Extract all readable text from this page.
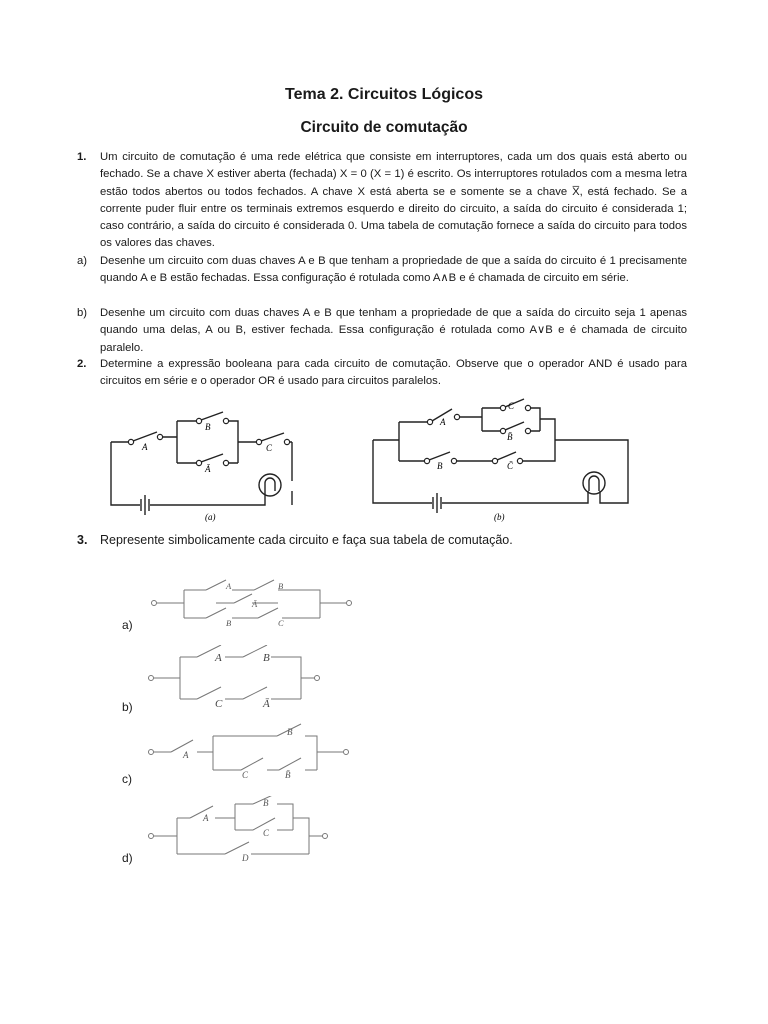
Tema 2. Circuitos Lógicos
Circuito de comutação
1.	Um circuito de comutação é uma rede elétrica que consiste em interruptores, cada um dos quais está aberto ou fechado. Se a chave X estiver aberta (fechada) X = 0 (X = 1) é escrito. Os interruptores rotulados com a mesma letra estão todos abertos ou todos fechados. A chave X está aberta se e somente se a chave X̅, está fechado. Se a corrente puder fluir entre os terminais extremos esquerdo e direito do circuito, a saída do circuito é considerada 1; caso contrário, a saída do circuito é considerada 0. Uma tabela de comutação fornece a saída do circuito para todos os valores das chaves.
a)	Desenhe um circuito com duas chaves A e B que tenham a propriedade de que a saída do circuito é 1 precisamente quando A e B estão fechadas. Essa configuração é rotulada como A∧B e é chamada de circuito em série.
b)	Desenhe um circuito com duas chaves A e B que tenham a propriedade de que a saída do circuito seja 1 apenas quando uma delas, A ou B, estiver fechada. Essa configuração é rotulada como A∨B e é chamada de circuito paralelo.
2.	Determine a expressão booleana para cada circuito de comutação. Observe que o operador AND é usado para circuitos em série e o operador OR é usado para circuitos paralelos.
A
B
Ā
C
(a)
A
C
B̄
B	C̄
(b)
3. Represente simbolicamente cada circuito e faça sua tabela de comutação.
A	B
Ā
B	C
a)
A	B
C	Ā
b)
A
B
C	B̄
c)
A
B
C
D
d)
